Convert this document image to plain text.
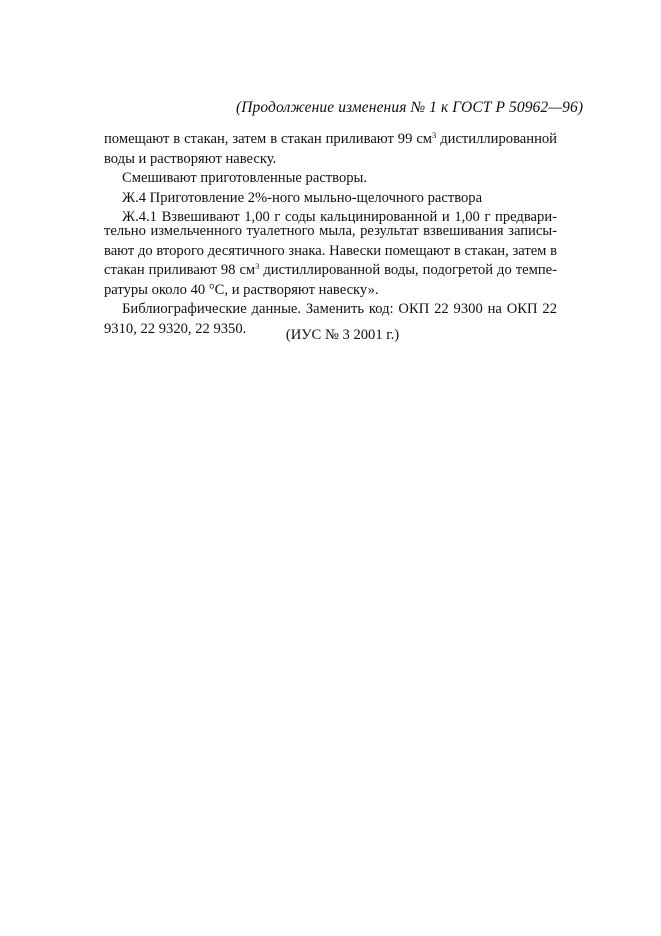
(Продолжение изменения № 1 к ГОСТ Р 50962—96)
помещают в стакан, затем в стакан приливают 99 $см^3$ дистиллированной
воды и растворяют навеску.
Смешивают приготовленные растворы.
Ж.4 Приготовление 2%-ного мыльно-щелочного раствора
Ж.4.1 Взвешивают 1,00 г соды кальцинированной и 1,00 г предвари-
тельно измельченного туалетного мыла, результат взвешивания записы-
вают до второго десятичного знака. Навески помещают в стакан, затем в
стакан приливают 98 $см^3$ дистиллированной воды, подогретой до темпе-
ратуры около 40 °С, и растворяют навеску».
Библиографические данные. Заменить код: ОКП 22 9300 на ОКП 22
9310, 22 9320, 22 9350.	(ИУС № 3 2001 г.)
